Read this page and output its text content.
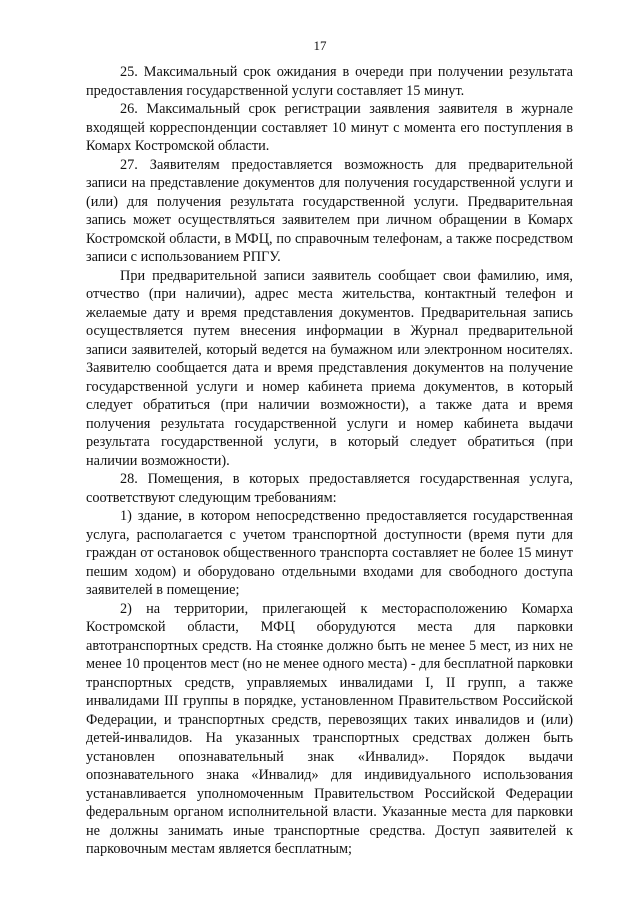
17

25. Максимальный срок ожидания в очереди при получении результата предоставления государственной услуги составляет 15 минут.

26. Максимальный срок регистрации заявления заявителя в журнале входящей корреспонденции составляет 10 минут с момента его поступления в Комарх Костромской области.

27. Заявителям предоставляется возможность для предварительной записи на представление документов для получения государственной услуги и (или) для получения результата государственной услуги. Предварительная запись может осуществляться заявителем при личном обращении в Комарх Костромской области, в МФЦ, по справочным телефонам, а также посредством записи с использованием РПГУ.

При предварительной записи заявитель сообщает свои фамилию, имя, отчество (при наличии), адрес места жительства, контактный телефон и желаемые дату и время представления документов. Предварительная запись осуществляется путем внесения информации в Журнал предварительной записи заявителей, который ведется на бумажном или электронном носителях. Заявителю сообщается дата и время представления документов на получение государственной услуги и номер кабинета приема документов, в который следует обратиться (при наличии возможности), а также дата и время получения результата государственной услуги и номер кабинета выдачи результата государственной услуги, в который следует обратиться (при наличии возможности).

28. Помещения, в которых предоставляется государственная услуга, соответствуют следующим требованиям:

1) здание, в котором непосредственно предоставляется государственная услуга, располагается с учетом транспортной доступности (время пути для граждан от остановок общественного транспорта составляет не более 15 минут пешим ходом) и оборудовано отдельными входами для свободного доступа заявителей в помещение;

2) на территории, прилегающей к месторасположению Комарха Костромской области, МФЦ оборудуются места для парковки автотранспортных средств. На стоянке должно быть не менее 5 мест, из них не менее 10 процентов мест (но не менее одного места) - для бесплатной парковки транспортных средств, управляемых инвалидами I, II групп, а также инвалидами III группы в порядке, установленном Правительством Российской Федерации, и транспортных средств, перевозящих таких инвалидов и (или) детей-инвалидов. На указанных транспортных средствах должен быть установлен опознавательный знак «Инвалид». Порядок выдачи опознавательного знака «Инвалид» для индивидуального использования устанавливается уполномоченным Правительством Российской Федерации федеральным органом исполнительной власти. Указанные места для парковки не должны занимать иные транспортные средства. Доступ заявителей к парковочным местам является бесплатным;
